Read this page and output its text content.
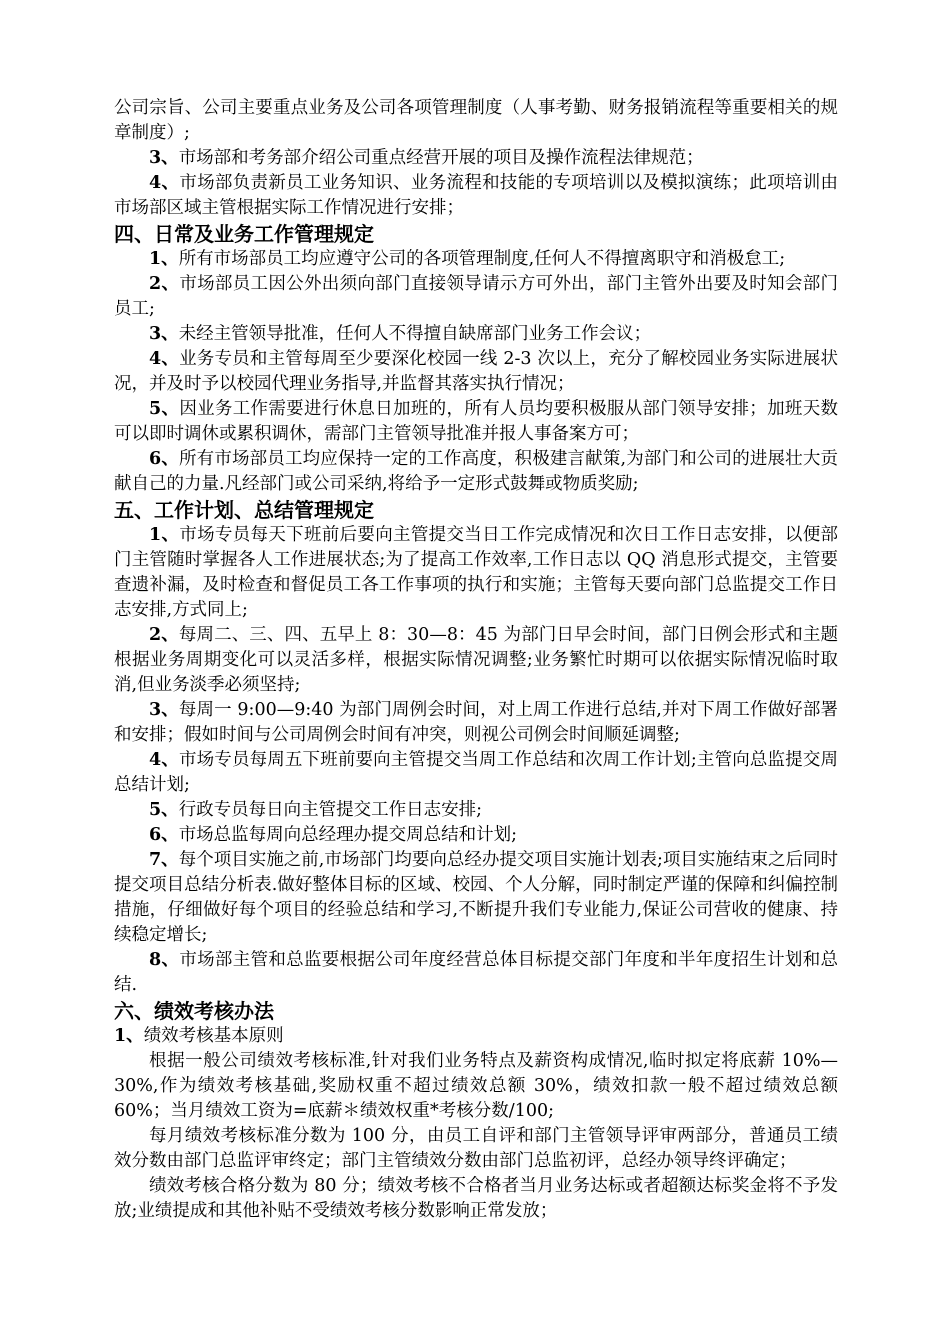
公司宗旨、公司主要重点业务及公司各项管理制度（人事考勤、财务报销流程等重要相关的规章制度）;
3、市场部和考务部介绍公司重点经营开展的项目及操作流程法律规范；
4、市场部负责新员工业务知识、业务流程和技能的专项培训以及模拟演练；此项培训由市场部区域主管根据实际工作情况进行安排；
四、日常及业务工作管理规定
1、所有市场部员工均应遵守公司的各项管理制度,任何人不得擅离职守和消极怠工;
2、市场部员工因公外出须向部门直接领导请示方可外出，部门主管外出要及时知会部门员工;
3、未经主管领导批准，任何人不得擅自缺席部门业务工作会议；
4、业务专员和主管每周至少要深化校园一线 2-3 次以上，充分了解校园业务实际进展状况，并及时予以校园代理业务指导,并监督其落实执行情况；
5、因业务工作需要进行休息日加班的，所有人员均要积极服从部门领导安排；加班天数可以即时调休或累积调休，需部门主管领导批准并报人事备案方可；
6、所有市场部员工均应保持一定的工作高度，积极建言献策,为部门和公司的进展壮大贡献自己的力量.凡经部门或公司采纳,将给予一定形式鼓舞或物质奖励;
五、工作计划、总结管理规定
1、市场专员每天下班前后要向主管提交当日工作完成情况和次日工作日志安排，以便部门主管随时掌握各人工作进展状态;为了提高工作效率,工作日志以 QQ 消息形式提交，主管要查遗补漏，及时检查和督促员工各工作事项的执行和实施；主管每天要向部门总监提交工作日志安排,方式同上;
2、每周二、三、四、五早上 8：30—8：45 为部门日早会时间，部门日例会形式和主题根据业务周期变化可以灵活多样，根据实际情况调整;业务繁忙时期可以依据实际情况临时取消,但业务淡季必须坚持;
3、每周一 9:00—9:40 为部门周例会时间，对上周工作进行总结,并对下周工作做好部署和安排；假如时间与公司周例会时间有冲突，则视公司例会时间顺延调整;
4、市场专员每周五下班前要向主管提交当周工作总结和次周工作计划;主管向总监提交周总结计划;
5、行政专员每日向主管提交工作日志安排;
6、市场总监每周向总经理办提交周总结和计划;
7、每个项目实施之前,市场部门均要向总经办提交项目实施计划表;项目实施结束之后同时提交项目总结分析表.做好整体目标的区域、校园、个人分解，同时制定严谨的保障和纠偏控制措施，仔细做好每个项目的经验总结和学习,不断提升我们专业能力,保证公司营收的健康、持续稳定增长;
8、市场部主管和总监要根据公司年度经营总体目标提交部门年度和半年度招生计划和总结.
六、绩效考核办法
1、绩效考核基本原则
根据一般公司绩效考核标准,针对我们业务特点及薪资构成情况,临时拟定将底薪 10%—30%,作为绩效考核基础,奖励权重不超过绩效总额 30%，绩效扣款一般不超过绩效总额 60%；当月绩效工资为=底薪＊绩效权重*考核分数/100;
每月绩效考核标准分数为 100 分，由员工自评和部门主管领导评审两部分，普通员工绩效分数由部门总监评审终定；部门主管绩效分数由部门总监初评，总经办领导终评确定；
绩效考核合格分数为 80 分；绩效考核不合格者当月业务达标或者超额达标奖金将不予发放;业绩提成和其他补贴不受绩效考核分数影响正常发放；
